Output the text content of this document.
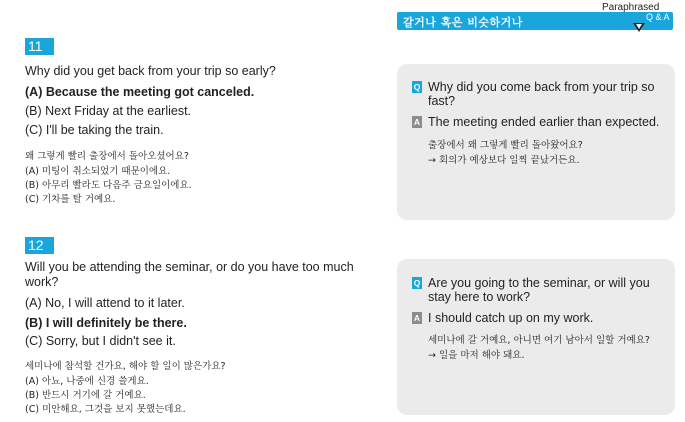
갈거나 혹은 비슷하거나
Paraphrased
Q & A
11
Why did you get back from your trip so early?
(A) Because the meeting got canceled.
(B) Next Friday at the earliest.
(C) I'll be taking the train.
왜 그렇게 빨리 출장에서 돌아오셨어요?
(A) 미팅이 취소되었기 때문이에요.
(B) 아무리 빨라도 다음주 금요일이에요.
(C) 기차를 탈 거예요.
Q Why did you come back from your trip so fast?
A The meeting ended earlier than expected.
출장에서 왜 그렇게 빨리 돌아왔어요?
→ 회의가 예상보다 일찍 끝났거든요.
12
Will you be attending the seminar, or do you have too much work?
(A) No, I will attend to it later.
(B) I will definitely be there.
(C) Sorry, but I didn't see it.
세미나에 참석할 건가요, 해야 할 일이 많은가요?
(A) 아뇨, 나중에 신경 쓸게요.
(B) 반드시 거기에 갈 거예요.
(C) 미안해요, 그것을 보지 못했는데요.
Q Are you going to the seminar, or will you stay here to work?
A I should catch up on my work.
세미나에 갈 거예요, 아니면 여기 남아서 일할 거예요?
→ 일을 마저 해야 돼요.
